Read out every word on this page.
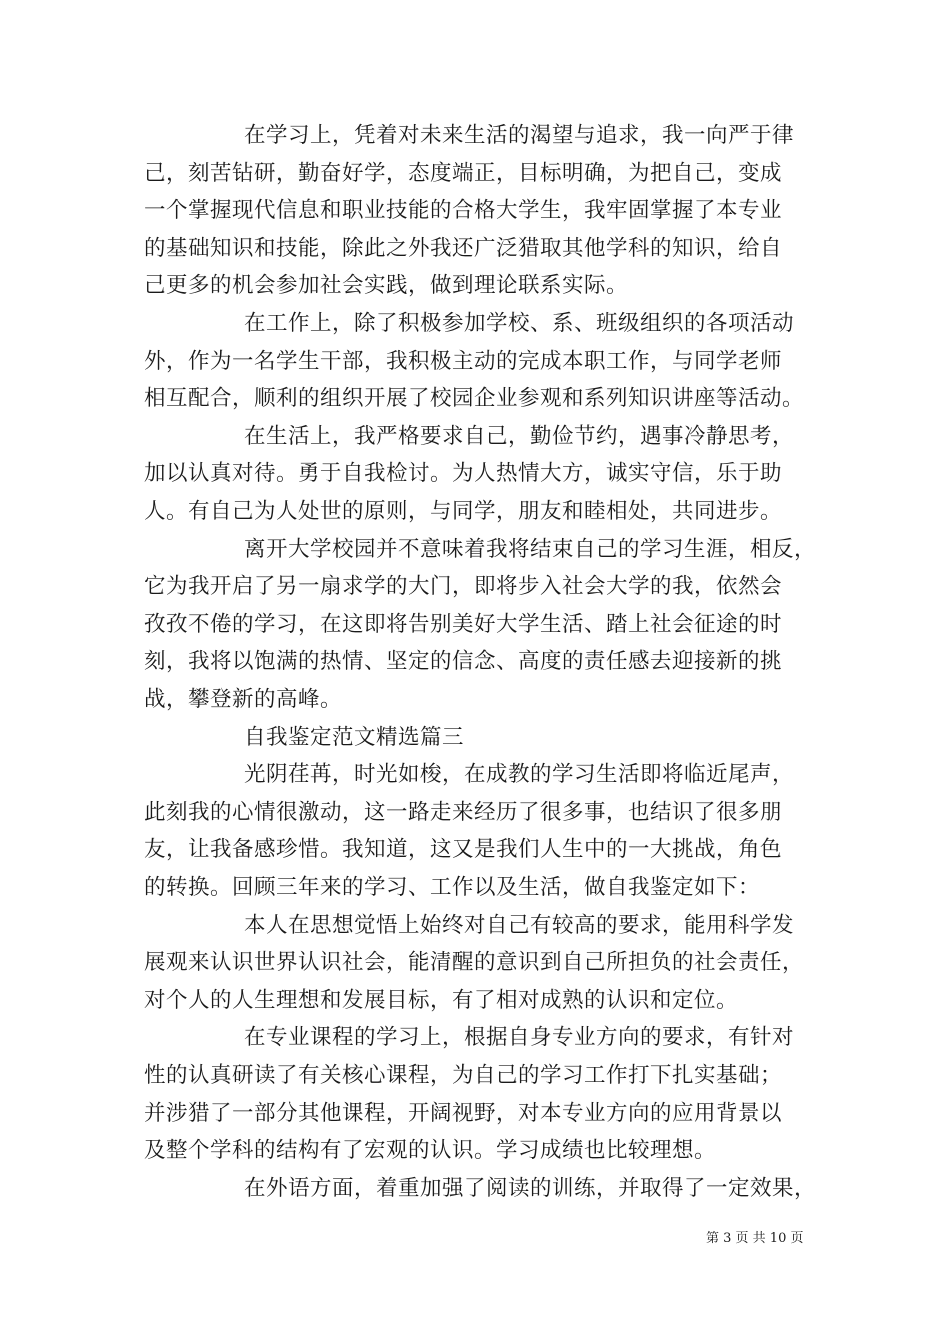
在学习上，凭着对未来生活的渴望与追求，我一向严于律
己，刻苦钻研，勤奋好学，态度端正，目标明确，为把自己，变成
一个掌握现代信息和职业技能的合格大学生，我牢固掌握了本专业
的基础知识和技能，除此之外我还广泛猎取其他学科的知识，给自
己更多的机会参加社会实践，做到理论联系实际。
在工作上，除了积极参加学校、系、班级组织的各项活动
外，作为一名学生干部，我积极主动的完成本职工作，与同学老师
相互配合，顺利的组织开展了校园企业参观和系列知识讲座等活动。
在生活上，我严格要求自己，勤俭节约，遇事冷静思考，
加以认真对待。勇于自我检讨。为人热情大方，诚实守信，乐于助
人。有自己为人处世的原则，与同学，朋友和睦相处，共同进步。
离开大学校园并不意味着我将结束自己的学习生涯，相反，
它为我开启了另一扇求学的大门，即将步入社会大学的我，依然会
孜孜不倦的学习，在这即将告别美好大学生活、踏上社会征途的时
刻，我将以饱满的热情、坚定的信念、高度的责任感去迎接新的挑
战，攀登新的高峰。
自我鉴定范文精选篇三
光阴荏苒，时光如梭，在成教的学习生活即将临近尾声，
此刻我的心情很激动，这一路走来经历了很多事，也结识了很多朋
友，让我备感珍惜。我知道，这又是我们人生中的一大挑战，角色
的转换。回顾三年来的学习、工作以及生活，做自我鉴定如下：
本人在思想觉悟上始终对自己有较高的要求，能用科学发
展观来认识世界认识社会，能清醒的意识到自己所担负的社会责任，
对个人的人生理想和发展目标，有了相对成熟的认识和定位。
在专业课程的学习上，根据自身专业方向的要求，有针对
性的认真研读了有关核心课程，为自己的学习工作打下扎实基础；
并涉猎了一部分其他课程，开阔视野，对本专业方向的应用背景以
及整个学科的结构有了宏观的认识。学习成绩也比较理想。
第 3 页 共 10 页
在外语方面，着重加强了阅读的训练，并取得了一定效果，
